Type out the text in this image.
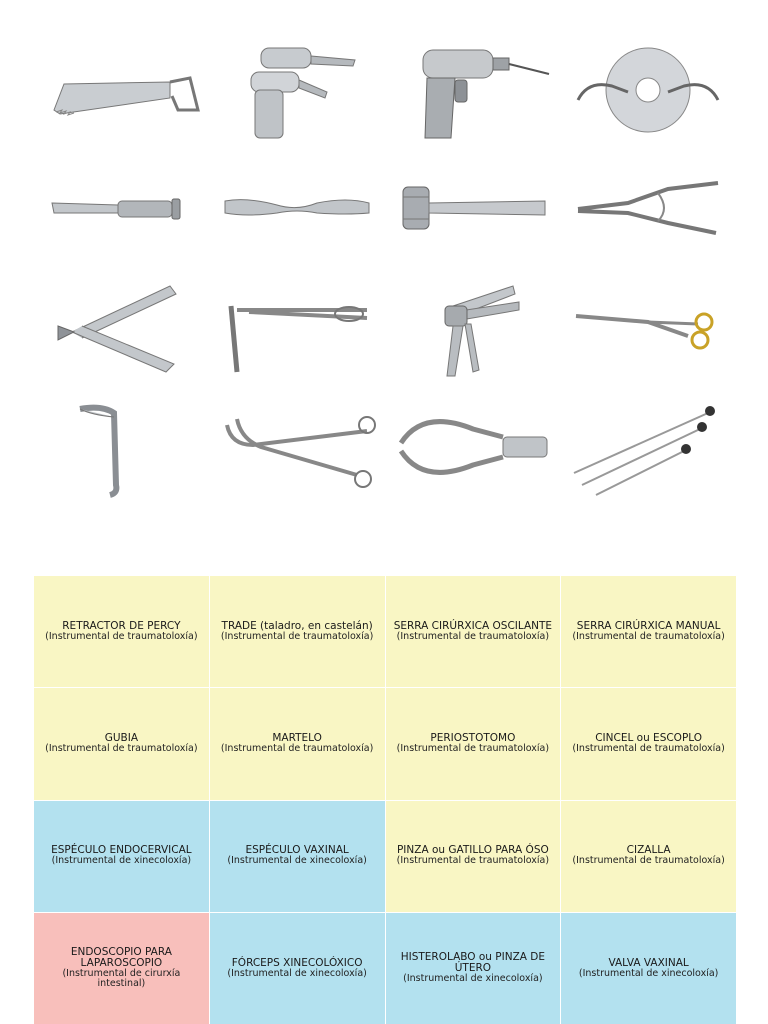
RETRACTOR DE PERCY
(Instrumental de traumatoloxía)
TRADE (taladro, en castelán)
(Instrumental de traumatoloxía)
SERRA CIRÚRXICA OSCILANTE
(Instrumental de traumatoloxía)
SERRA CIRÚRXICA MANUAL
(Instrumental de traumatoloxía)
GUBIA
(Instrumental de traumatoloxía)
MARTELO
(Instrumental de traumatoloxía)
PERIOSTOTOMO
(Instrumental de traumatoloxía)
CINCEL ou ESCOPLO
(Instrumental de traumatoloxía)
ESPÉCULO ENDOCERVICAL
(Instrumental de xinecoloxía)
ESPÉCULO VAXINAL
(Instrumental de xinecoloxía)
PINZA ou GATILLO PARA ÓSO
(Instrumental de traumatoloxía)
CIZALLA
(Instrumental de traumatoloxía)
ENDOSCOPIO PARA LAPAROSCOPIO
(Instrumental de cirurxía intestinal)
FÓRCEPS XINECOLÓXICO
(Instrumental de xinecoloxía)
HISTEROLABO ou PINZA DE ÚTERO
(Instrumental de xinecoloxía)
VALVA VAXINAL
(Instrumental de xinecoloxía)
